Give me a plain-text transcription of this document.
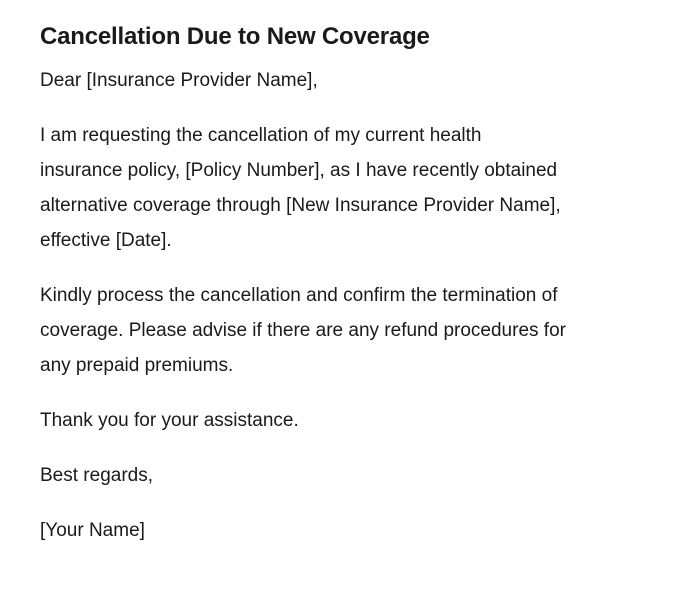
Cancellation Due to New Coverage

Dear [Insurance Provider Name],

I am requesting the cancellation of my current health
insurance policy, [Policy Number], as I have recently obtained
alternative coverage through [New Insurance Provider Name],
effective [Date].

Kindly process the cancellation and confirm the termination of
coverage. Please advise if there are any refund procedures for
any prepaid premiums.

Thank you for your assistance.

Best regards,

[Your Name]
